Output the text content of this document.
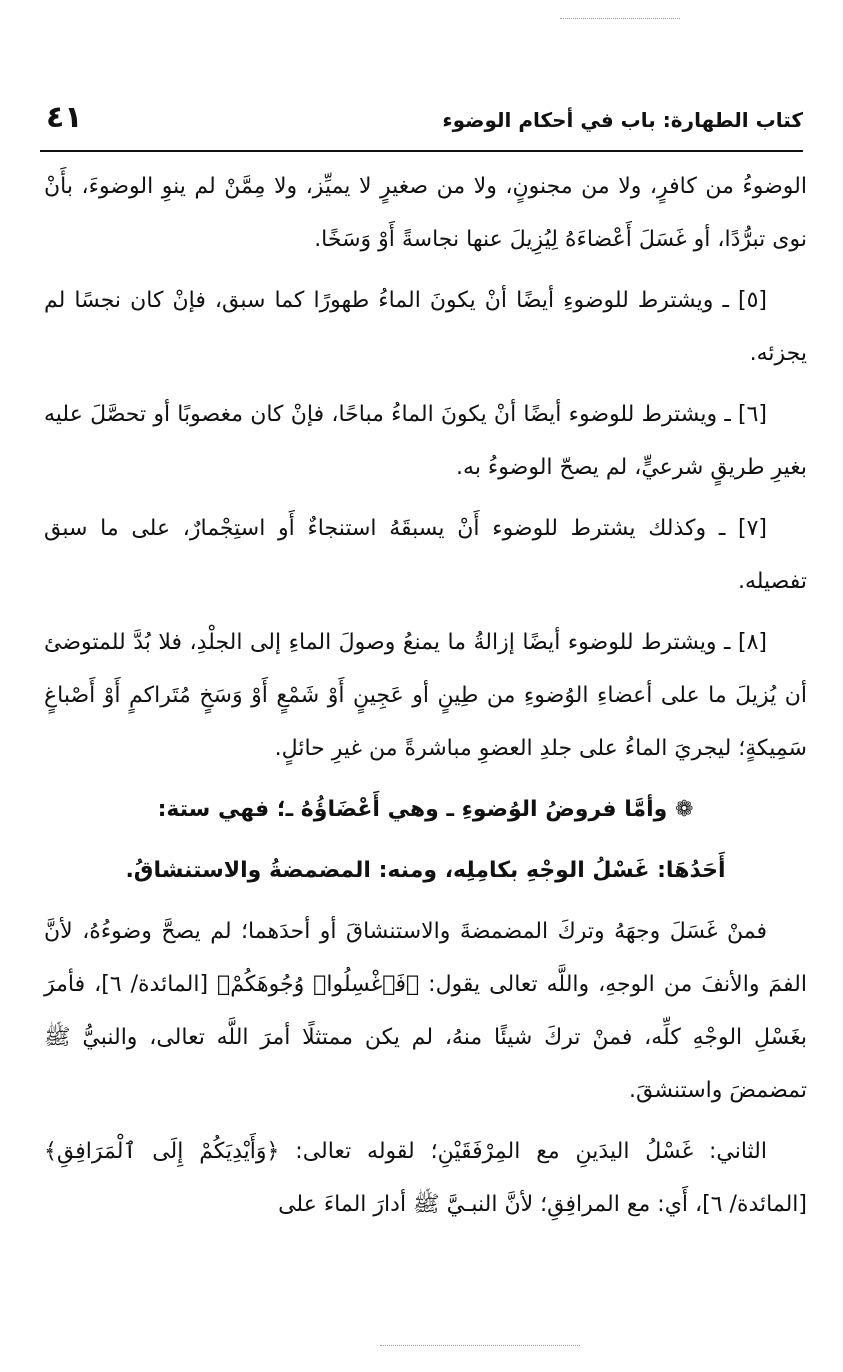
كتاب الطهارة: باب في أحكام الوضوء
٤١

الوضوءُ من كافرٍ، ولا من مجنونٍ، ولا من صغيرٍ لا يميِّز، ولا مِمَّنْ لم ينوِ الوضوءَ، بأَنْ نوى تبرُّدًا، أو غَسَلَ أَعْضاءَهُ لِيُزِيلَ عنها نجاسةً أَوْ وَسَخًا.

[٥] ـ ويشترط للوضوءِ أيضًا أنْ يكونَ الماءُ طهورًا كما سبق، فإنْ كان نجسًا لم يجزئه.

[٦] ـ ويشترط للوضوء أيضًا أنْ يكونَ الماءُ مباحًا، فإنْ كان مغصوبًا أو تحصَّلَ عليه بغيرِ طريقٍ شرعيٍّ، لم يصحّ الوضوءُ به.

[٧] ـ وكذلك يشترط للوضوء أَنْ يسبقَهُ استنجاءٌ أَو استِجْمارٌ، على ما سبق تفصيله.

[٨] ـ ويشترط للوضوء أيضًا إزالةُ ما يمنعُ وصولَ الماءِ إلى الجلْدِ، فلا بُدَّ للمتوضئ أن يُزيلَ ما على أعضاءِ الوُضوءِ من طِينٍ أو عَجِينٍ أَوْ شَمْعٍ أَوْ وَسَخٍ مُتَراكمٍ أَوْ أَصْباغٍ سَمِيكةٍ؛ ليجريَ الماءُ على جلدِ العضوِ مباشرةً من غيرِ حائلٍ.

❁ وأمَّا فروضُ الوُضوءِ ـ وهي أَعْضَاؤُهُ ـ؛ فهي ستة:

أَحَدُهَا: غَسْلُ الوجْهِ بكامِلِه، ومنه: المضمضةُ والاستنشاقُ.

فمنْ غَسَلَ وجهَهُ وتركَ المضمضةَ والاستنشاقَ أو أحدَهما؛ لم يصحَّ وضوءُهُ، لأنَّ الفمَ والأنفَ من الوجهِ، واللَّه تعالى يقول: ﴿فَٱغْسِلُوا۟ وُجُوهَكُمْ﴾ [المائدة/ ٦]، فأمرَ بغَسْلِ الوجْهِ كلِّه، فمنْ تركَ شيئًا منهُ، لم يكن ممتثلًا أمرَ اللَّه تعالى، والنبيُّ ﷺ تمضمضَ واستنشقَ.

الثاني: غَسْلُ اليدَينِ مع المِرْفَقَيْنِ؛ لقوله تعالى: ﴿وَأَيْدِيَكُمْ إِلَى ٱلْمَرَافِقِ﴾ [المائدة/ ٦]، أَي: مع المرافِقِ؛ لأنَّ النبـيَّ ﷺ أدارَ الماءَ على
